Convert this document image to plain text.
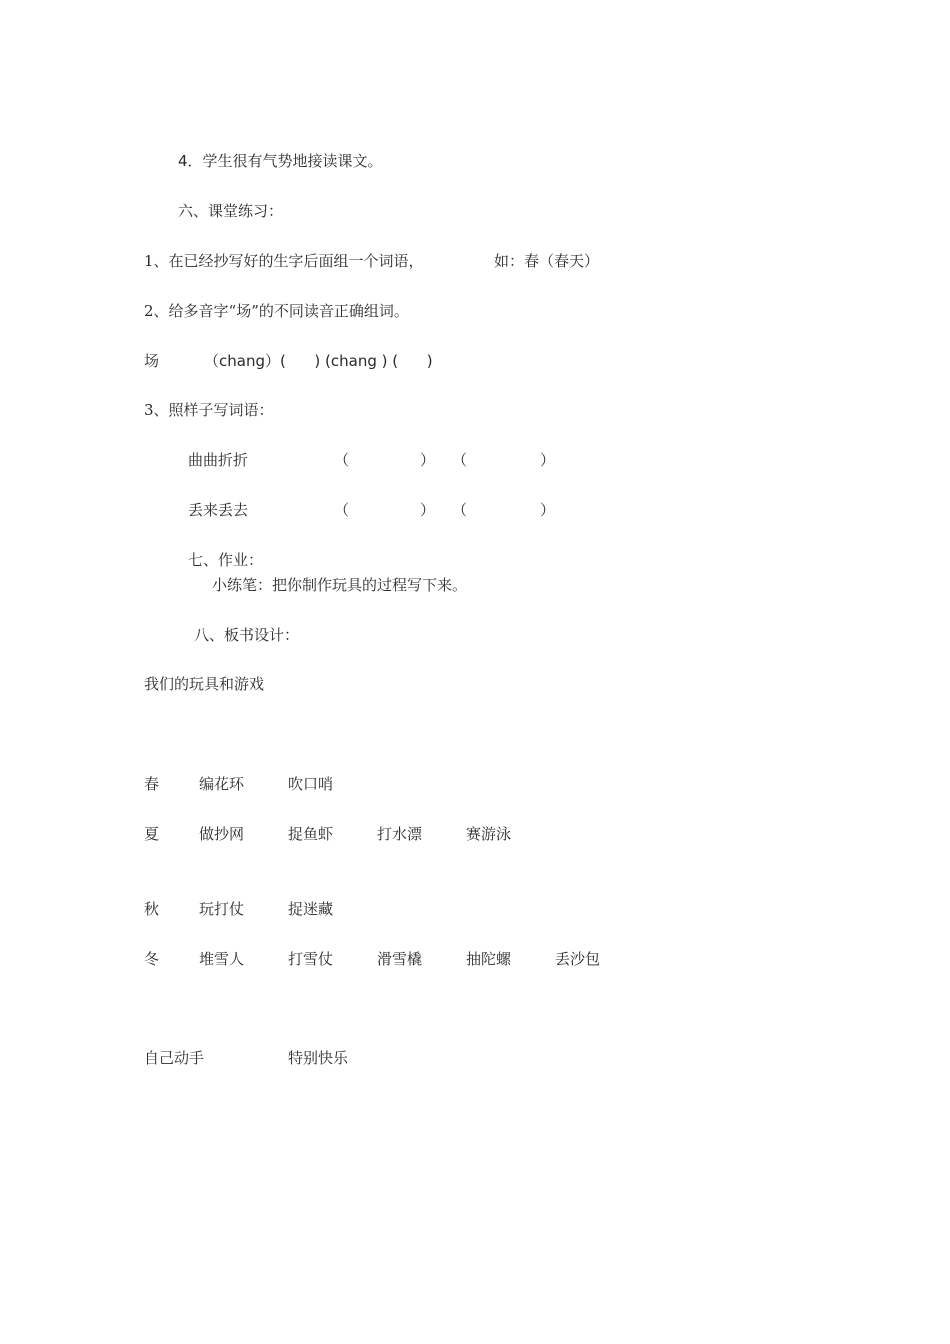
4．学生很有气势地接读课文。
六、课堂练习：
1、在已经抄写好的生字后面组一个词语，	如：春（春天）
2、给多音字“场”的不同读音正确组词。
场	（chang）(      ) (chang ) (      )
3、照样子写词语：
曲曲折折	（	） （	）
丢来丢去	（	） （	）
七、作业：
小练笔：把你制作玩具的过程写下来。
八、板书设计：
我们的玩具和游戏
春	编花环	吹口哨
夏	做抄网	捉鱼虾	打水漂	赛游泳
秋	玩打仗	捉迷藏
冬	堆雪人	打雪仗	滑雪橇	抽陀螺	丢沙包
自己动手	特别快乐
